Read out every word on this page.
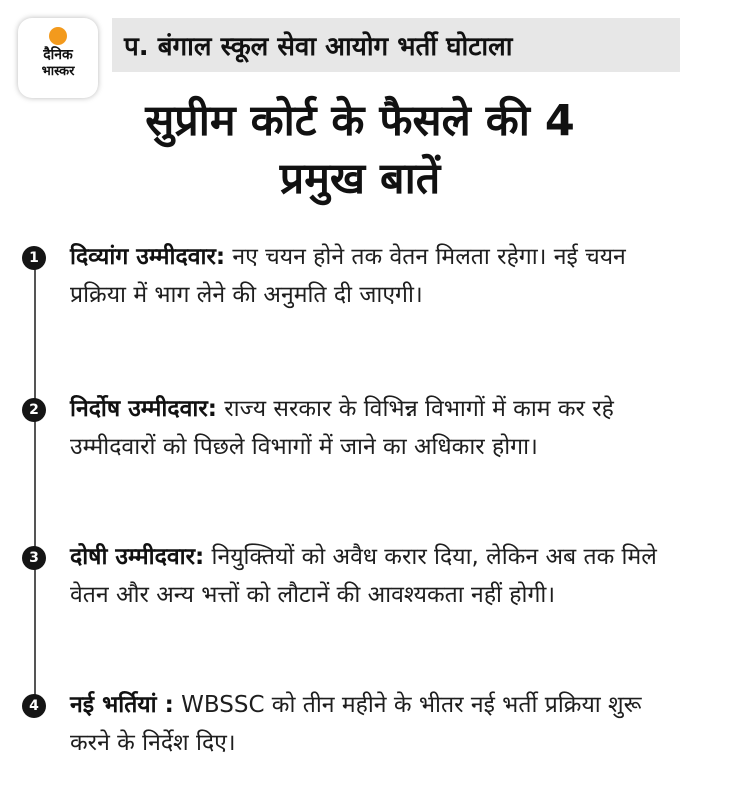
दैनिक
भास्कर
प. बंगाल स्कूल सेवा आयोग भर्ती घोटाला
सुप्रीम कोर्ट के फैसले की 4 प्रमुख बातें
1	दिव्यांग उम्मीदवार: नए चयन होने तक वेतन मिलता रहेगा। नई चयन प्रक्रिया में भाग लेने की अनुमति दी जाएगी।

2	निर्दोष उम्मीदवार: राज्य सरकार के विभिन्न विभागों में काम कर रहे उम्मीदवारों को पिछले विभागों में जाने का अधिकार होगा।

3	दोषी उम्मीदवार: नियुक्तियों को अवैध करार दिया, लेकिन अब तक मिले वेतन और अन्य भत्तों को लौटानें की आवश्यकता नहीं होगी।

4	नई भर्तियां : WBSSC को तीन महीने के भीतर नई भर्ती प्रक्रिया शुरू करने के निर्देश दिए।
